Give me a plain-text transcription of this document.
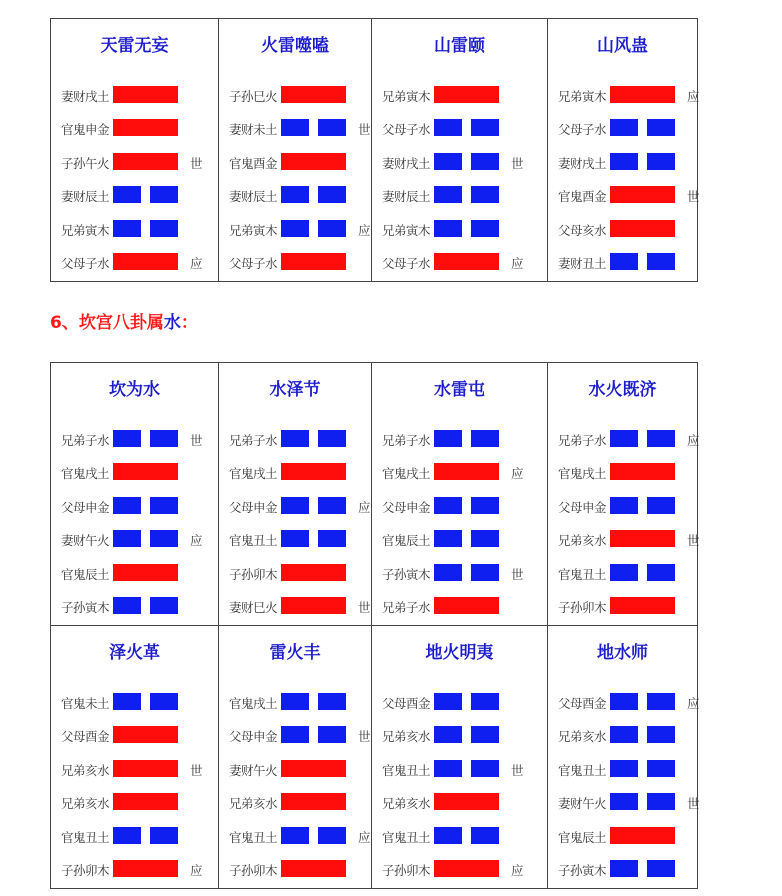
天雷无妄
妻财戌土
官鬼申金
子孙午火	世
妻财辰土
兄弟寅木
父母子水	应
火雷噬嗑
子孙巳火
妻财未土	世
官鬼酉金
妻财辰土
兄弟寅木	应
父母子水
山雷颐
兄弟寅木
父母子水
妻财戌土	世
妻财辰土
兄弟寅木
父母子水	应
山风蛊
兄弟寅木	应
父母子水
妻财戌土
官鬼酉金	世
父母亥水
妻财丑土
6、坎宫八卦属水：
坎为水
兄弟子水	世
官鬼戌土
父母申金
妻财午火	应
官鬼辰土
子孙寅木
水泽节
兄弟子水
官鬼戌土
父母申金	应
官鬼丑土
子孙卯木
妻财巳火	世
水雷屯
兄弟子水
官鬼戌土	应
父母申金
官鬼辰土
子孙寅木	世
兄弟子水
水火既济
兄弟子水	应
官鬼戌土
父母申金
兄弟亥水	世
官鬼丑土
子孙卯木
泽火革
官鬼未土
父母酉金
兄弟亥水	世
兄弟亥水
官鬼丑土
子孙卯木	应
雷火丰
官鬼戌土
父母申金	世
妻财午火
兄弟亥水
官鬼丑土	应
子孙卯木
地火明夷
父母酉金
兄弟亥水
官鬼丑土	世
兄弟亥水
官鬼丑土
子孙卯木	应
地水师
父母酉金	应
兄弟亥水
官鬼丑土
妻财午火	世
官鬼辰土
子孙寅木
